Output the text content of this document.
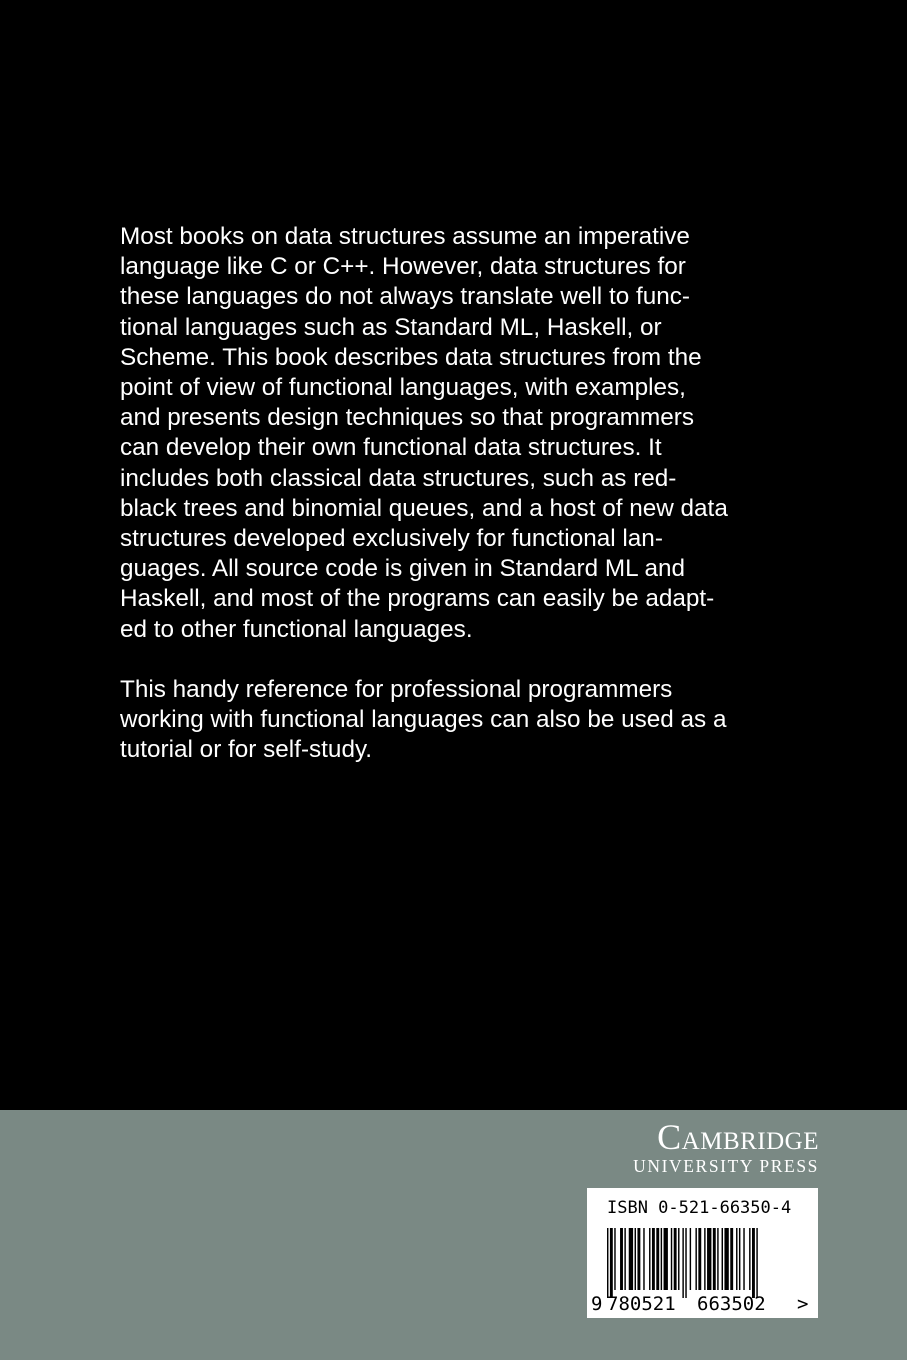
Most books on data structures assume an imperative
language like C or C++. However, data structures for
these languages do not always translate well to func-
tional languages such as Standard ML, Haskell, or
Scheme. This book describes data structures from the
point of view of functional languages, with examples,
and presents design techniques so that programmers
can develop their own functional data structures. It
includes both classical data structures, such as red-
black trees and binomial queues, and a host of new data
structures developed exclusively for functional lan-
guages. All source code is given in Standard ML and
Haskell, and most of the programs can easily be adapt-
ed to other functional languages.

This handy reference for professional programmers
working with functional languages can also be used as a
tutorial or for self-study.

Cambridge
UNIVERSITY PRESS
ISBN 0-521-66350-4
9 780521 663502 >
